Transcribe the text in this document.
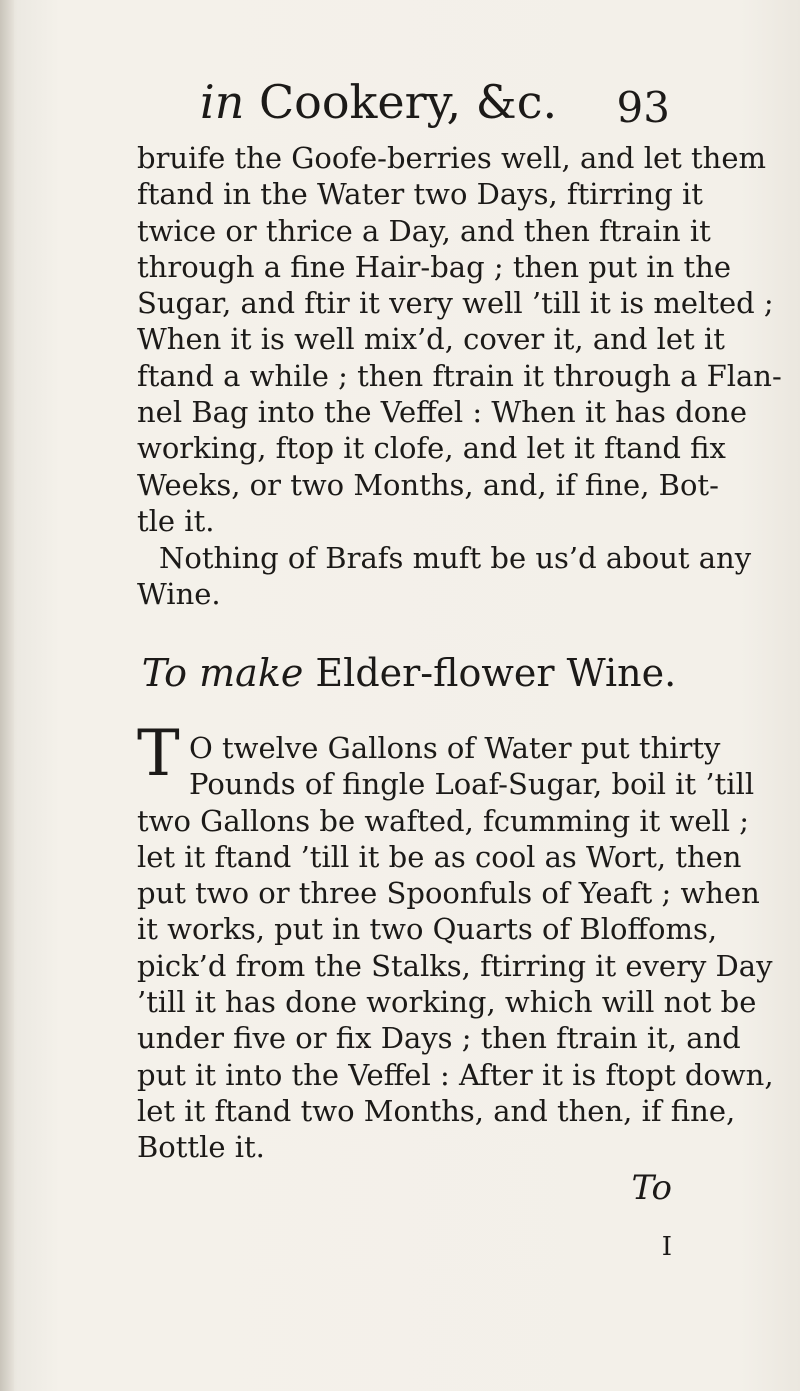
in Cookery, &c. 93
bruife the Goofe-berries well, and let them
ftand in the Water two Days, ftirring it
twice or thrice a Day, and then ftrain it
through a fine Hair-bag ; then put in the
Sugar, and ftir it very well ’till it is melted ;
When it is well mix’d, cover it, and let it
ftand a while ; then ftrain it through a Flan-
nel Bag into the Veffel : When it has done
working, ftop it clofe, and let it ftand fix
Weeks, or two Months, and, if fine, Bot-
tle it.
Nothing of Brafs muft be us’d about any
Wine.
To make Elder-flower Wine.
T O twelve Gallons of Water put thirty
Pounds of fingle Loaf-Sugar, boil it ’till
two Gallons be wafted, fcumming it well ;
let it ftand ’till it be as cool as Wort, then
put two or three Spoonfuls of Yeaft ; when
it works, put in two Quarts of Bloffoms,
pick’d from the Stalks, ftirring it every Day
’till it has done working, which will not be
under five or fix Days ; then ftrain it, and
put it into the Veffel : After it is ftopt down,
let it ftand two Months, and then, if fine,
Bottle it.
To
I
